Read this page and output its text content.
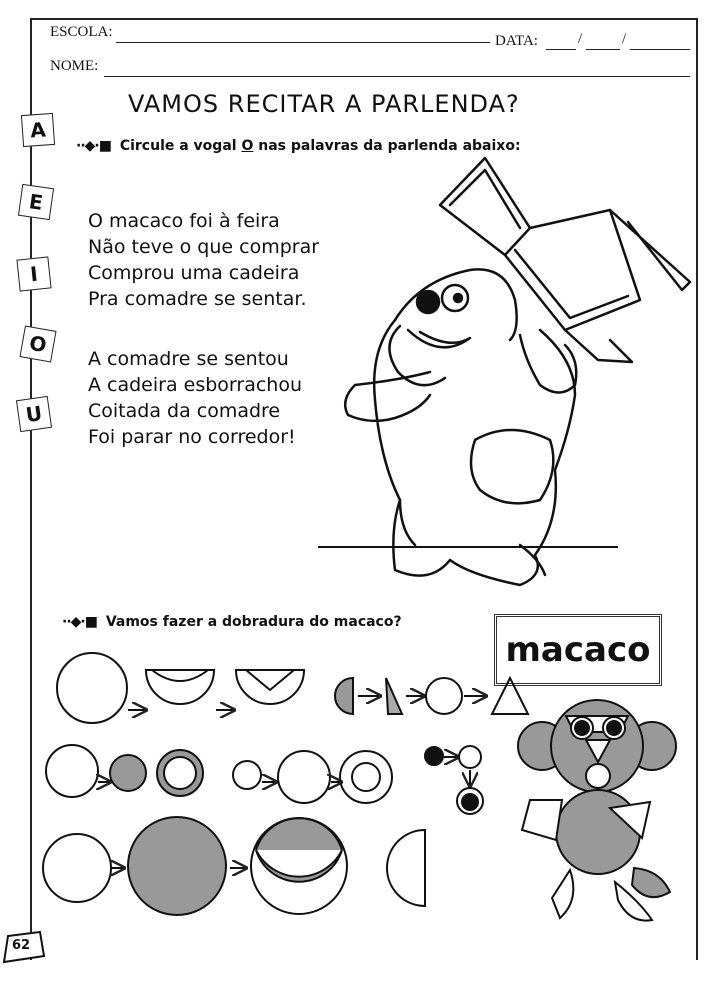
ESCOLA:
DATA:	/	/
NOME:
VAMOS RECITAR A PARLENDA?
··◆·■ Circule a vogal O nas palavras da parlenda abaixo:
A
E
I
O
U
O macaco foi à feira
Não teve o que comprar
Comprou uma cadeira
Pra comadre se sentar.
A comadre se sentou
A cadeira esborrachou
Coitada da comadre
Foi parar no corredor!
··◆·■ Vamos fazer a dobradura do macaco?
macaco
62
